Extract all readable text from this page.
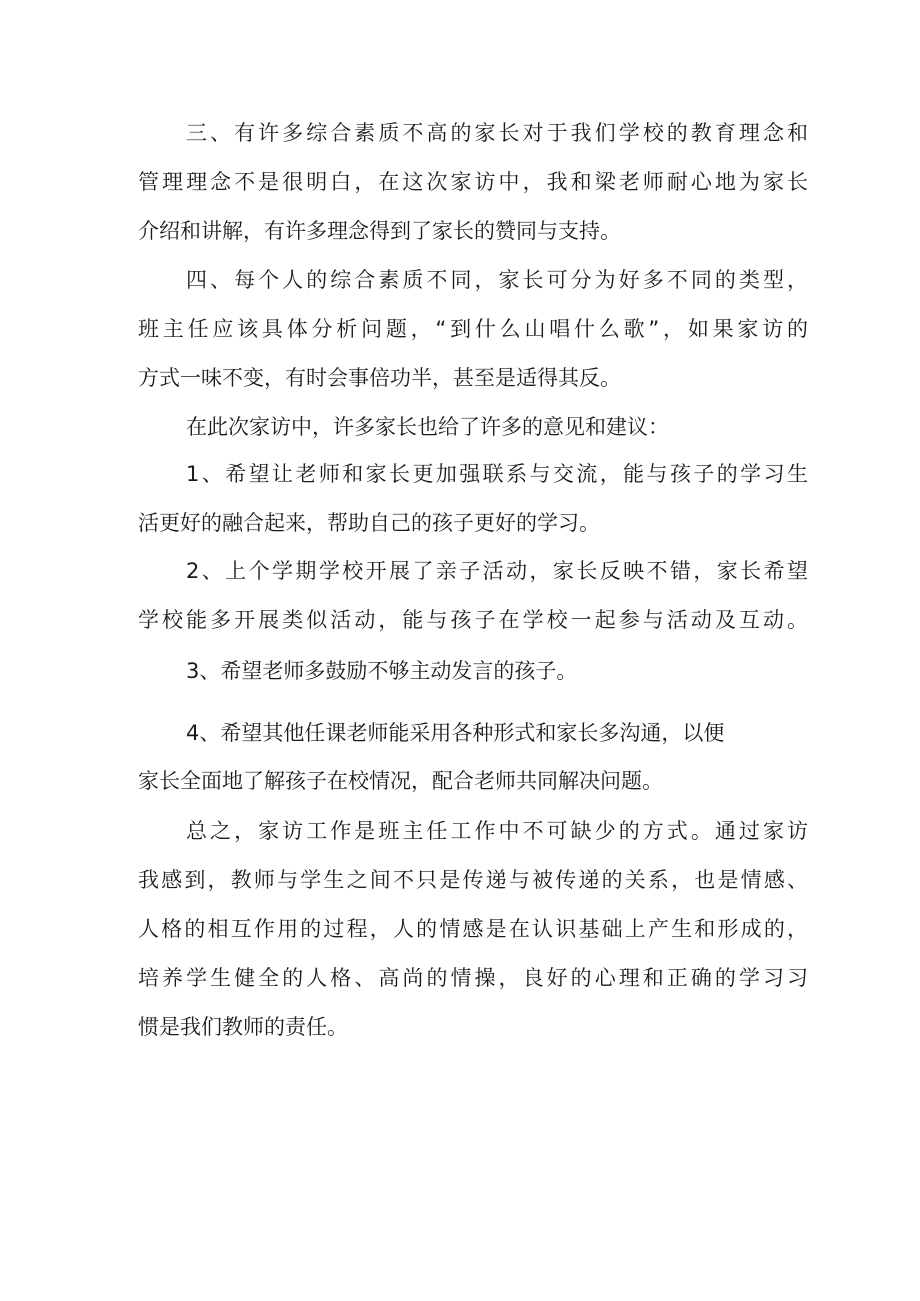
三、有许多综合素质不高的家长对于我们学校的教育理念和

管理理念不是很明白，在这次家访中，我和梁老师耐心地为家长

介绍和讲解，有许多理念得到了家长的赞同与支持。

四、每个人的综合素质不同，家长可分为好多不同的类型，

班主任应该具体分析问题，“到什么山唱什么歌”，如果家访的

方式一味不变，有时会事倍功半，甚至是适得其反。

在此次家访中，许多家长也给了许多的意见和建议：

1、希望让老师和家长更加强联系与交流，能与孩子的学习生

活更好的融合起来，帮助自己的孩子更好的学习。

2、上个学期学校开展了亲子活动，家长反映不错，家长希望

学校能多开展类似活动，能与孩子在学校一起参与活动及互动。

3、希望老师多鼓励不够主动发言的孩子。

4、希望其他任课老师能采用各种形式和家长多沟通，以便

家长全面地了解孩子在校情况，配合老师共同解决问题。

总之，家访工作是班主任工作中不可缺少的方式。通过家访

我感到，教师与学生之间不只是传递与被传递的关系，也是情感、

人格的相互作用的过程，人的情感是在认识基础上产生和形成的，

培养学生健全的人格、高尚的情操，良好的心理和正确的学习习

惯是我们教师的责任。
